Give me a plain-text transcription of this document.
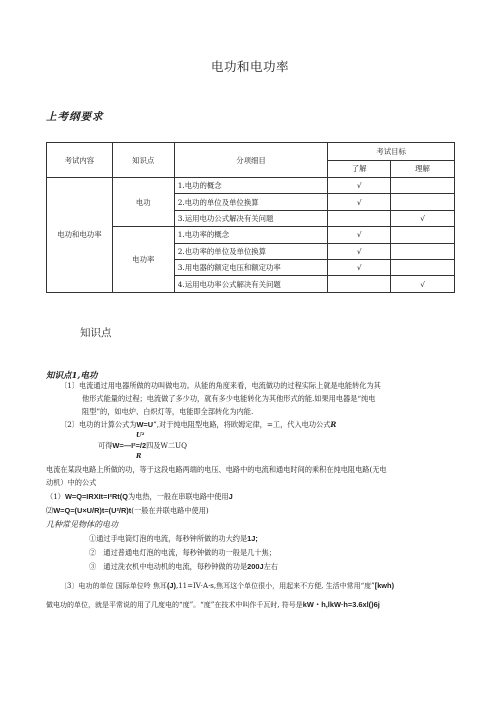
电功和电功率
上考纲要求
考试内容	知识点	分项细目	考试目标	
			了解	理解
电功和电功率	电功	1.电功的概念	√	
		2.电功的单位及单位换算	√	
		3.运用电功公式解决有关问题		√
	电功率	1.电功率的概念	√	
		2.也功率的单位及单位换算	√	
		3.用电器的额定电压和额定功率	√	
		4.运用电功率公式解决有关问题		√
知识点
知识点1,电功
〔1〕电流通过用电器所做的功叫做电功。从能的角度来看，电流做功的过程实际上就是电能转化为其
他形式能量的过程；电流做了多少功，就有多少电能转化为其他形式的能.如果用电器是“纯电
阻型”的，如电炉、白炽灯等，电能即全部转化为内能.
〔2〕电功的计算公式为W=U”,对于纯电阻型电路，将欧姆定律，=工，代入电功公式R
U²
可得W=—I²=/2四及W二UQ
R
电流在某段电路上所做的功，等于这段电路两端的电压、电路中的电流和通电时间的乘积在纯电阻电路(无电
动机）中的公式
（1）W=Q=IRXIt=I²Rt(Q为电热，一般在串联电路中使用J
⑵W=Q=(U×U/R)t=(U²/R)t(一般在并联电路中使用)
几种常见物体的电功
①通过手电筒灯泡的电流，每秒钟所做的功大约是1J;
②　通过普通电灯泡的电流，每秒钟做的功一般是几十焦；
③　通过洗衣机中电动机的电流，每秒钟做的功是200J左右
〔3〕电功的单位 国际单位呤 焦耳(J),11=IV·A·s,焦耳这个单位很小，用起来不方便, 生活中常用“度”[kwh)
做电功的单位，就是平常说的用了几度电的“度”。“度”在技术中叫作千瓦时, 符号是kW・h,lkW·h=3.6xl()6j
